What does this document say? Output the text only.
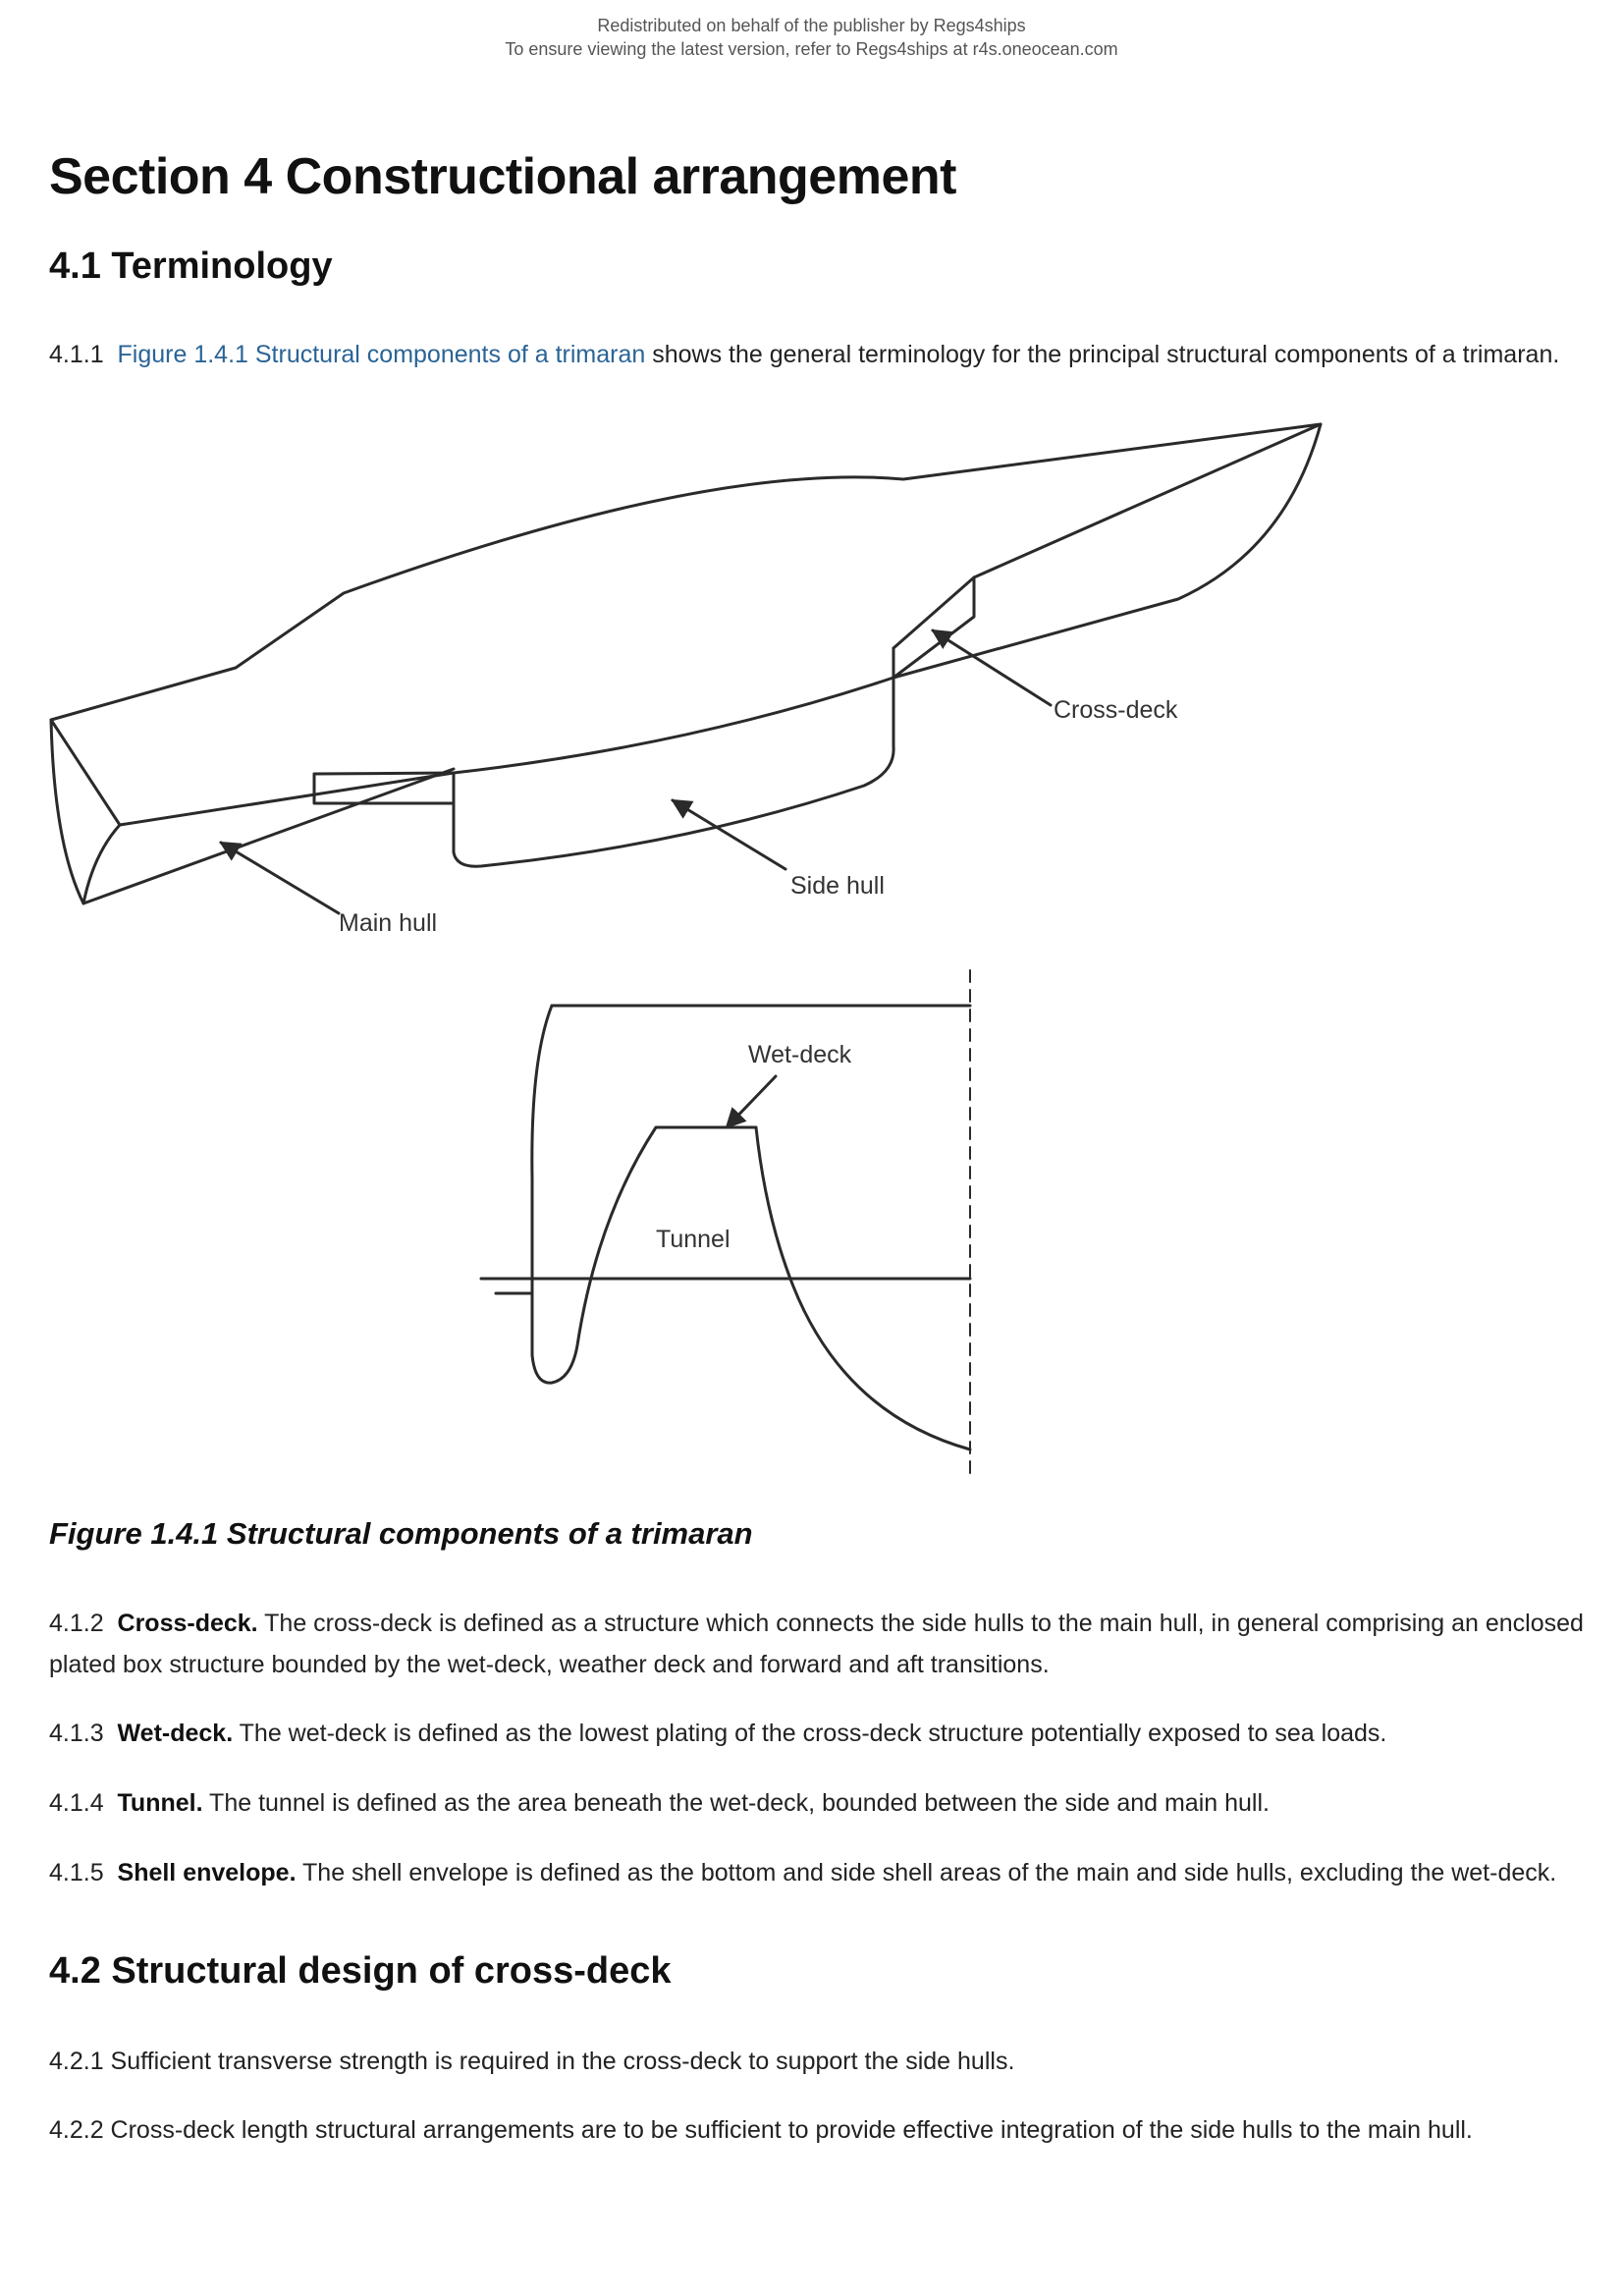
Redistributed on behalf of the publisher by Regs4ships
To ensure viewing the latest version, refer to Regs4ships at r4s.oneocean.com
Cross-deck
Side hull
Main hull
Wet-deck
Tunnel
Section 4 Constructional arrangement
4.1 Terminology

4.1.1 Figure 1.4.1 Structural components of a trimaran shows the general terminology for the principal structural components of a trimaran.

Figure 1.4.1 Structural components of a trimaran

4.1.2 Cross-deck. The cross-deck is defined as a structure which connects the side hulls to the main hull, in general comprising an enclosed plated box structure bounded by the wet-deck, weather deck and forward and aft transitions.

4.1.3 Wet-deck. The wet-deck is defined as the lowest plating of the cross-deck structure potentially exposed to sea loads.

4.1.4 Tunnel. The tunnel is defined as the area beneath the wet-deck, bounded between the side and main hull.

4.1.5 Shell envelope. The shell envelope is defined as the bottom and side shell areas of the main and side hulls, excluding the wet-deck.

4.2 Structural design of cross-deck

4.2.1 Sufficient transverse strength is required in the cross-deck to support the side hulls.

4.2.2 Cross-deck length structural arrangements are to be sufficient to provide effective integration of the side hulls to the main hull.
